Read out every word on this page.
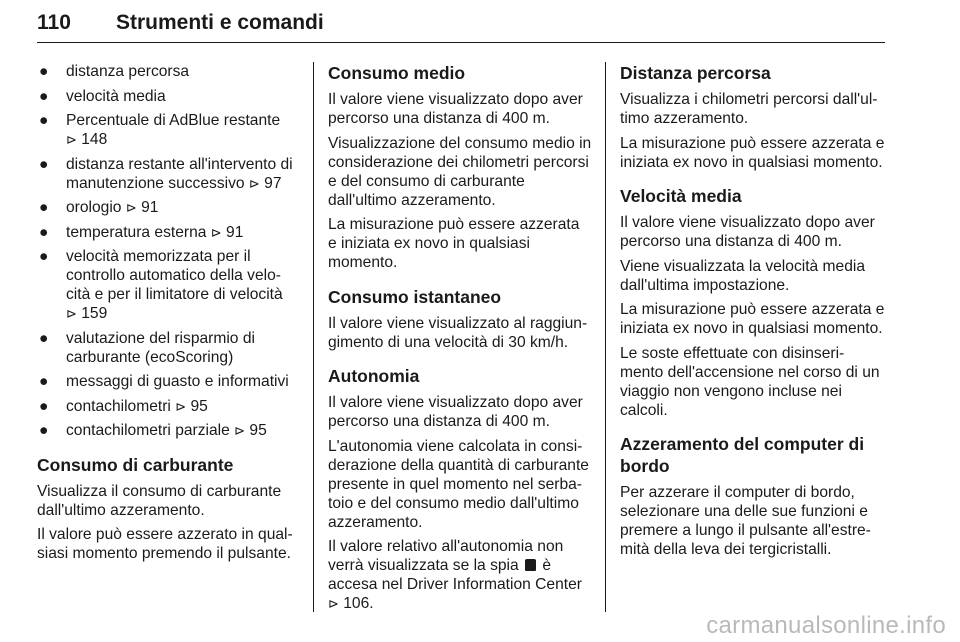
110 Strumenti e comandi
● distanza percorsa
● velocità media
● Percentuale di AdBlue restante
⊳ 148
● distanza restante all'intervento di manutenzione successivo ⊳ 97
● orologio ⊳ 91
● temperatura esterna ⊳ 91
● velocità memorizzata per il controllo automatico della velo-cità e per il limitatore di velocità
⊳ 159
● valutazione del risparmio di carburante (ecoScoring)
● messaggi di guasto e informativi
● contachilometri ⊳ 95
● contachilometri parziale ⊳ 95
Consumo di carburante

Visualizza il consumo di carburante dall'ultimo azzeramento.

Il valore può essere azzerato in qual-siasi momento premendo il pulsante.

Consumo medio

Il valore viene visualizzato dopo aver percorso una distanza di 400 m.

Visualizzazione del consumo medio in considerazione dei chilometri percorsi e del consumo di carburante dall'ultimo azzeramento.

La misurazione può essere azzerata e iniziata ex novo in qualsiasi momento.

Consumo istantaneo

Il valore viene visualizzato al raggiun-gimento di una velocità di 30 km/h.

Autonomia

Il valore viene visualizzato dopo aver percorso una distanza di 400 m.

L'autonomia viene calcolata in consi-derazione della quantità di carburante presente in quel momento nel serba-toio e del consumo medio dall'ultimo azzeramento.

Il valore relativo all'autonomia non verrà visualizzata se la spia è accesa nel Driver Information Center
⊳ 106.

Distanza percorsa

Visualizza i chilometri percorsi dall'ul-timo azzeramento.

La misurazione può essere azzerata e iniziata ex novo in qualsiasi momento.

Velocità media

Il valore viene visualizzato dopo aver percorso una distanza di 400 m.

Viene visualizzata la velocità media dall'ultima impostazione.

La misurazione può essere azzerata e iniziata ex novo in qualsiasi momento.

Le soste effettuate con disinseri-mento dell'accensione nel corso di un viaggio non vengono incluse nei calcoli.

Azzeramento del computer di bordo

Per azzerare il computer di bordo, selezionare una delle sue funzioni e premere a lungo il pulsante all'estre-mità della leva dei tergicristalli.

carmanualsonline.info
